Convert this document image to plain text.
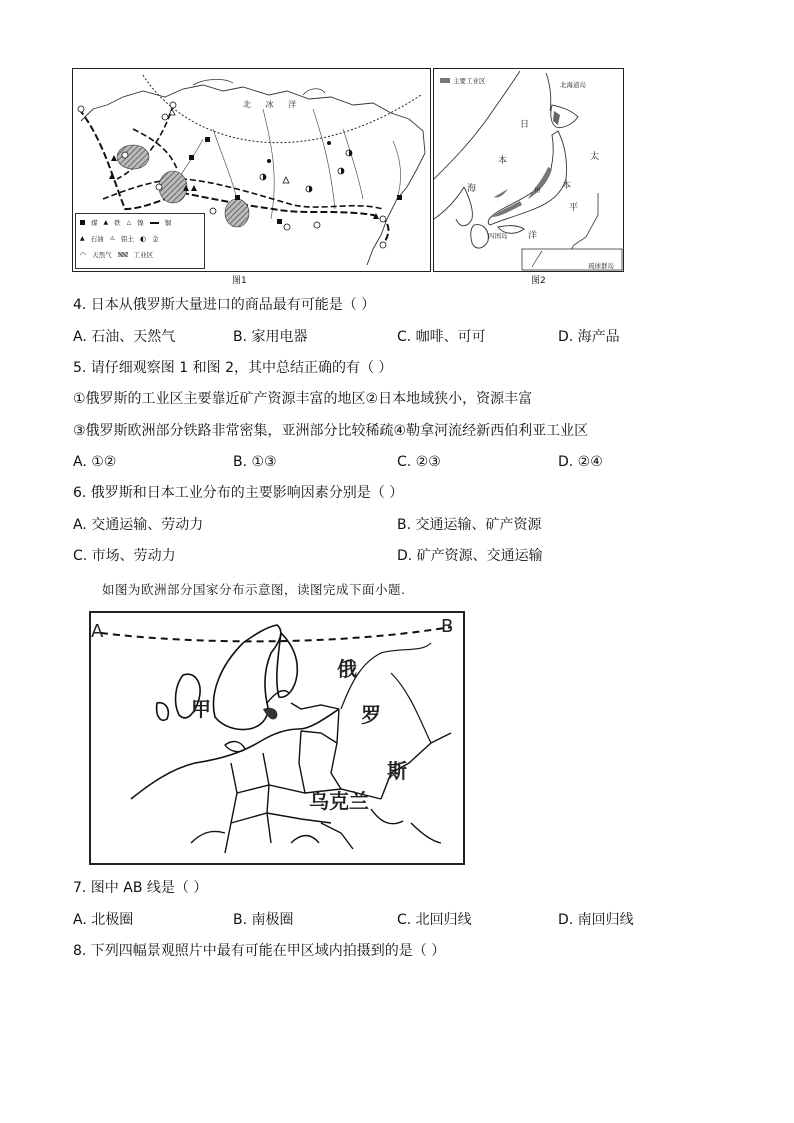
北 冰 洋
煤 ▲ 铁 △ 镍	铜
▲ 石油 ⚠ 铝土 ◐ 金
◠ 天然气	工业区
图1
主要工业区	北海道岛
日
本
海
太
本
州
平
洋
四国岛
琉球群岛
图2
4. 日本从俄罗斯大量进口的商品最有可能是（ ）
A. 石油、天然气	B. 家用电器	C. 咖啡、可可	D. 海产品
5. 请仔细观察图 1 和图 2，其中总结正确的有（ ）
①俄罗斯的工业区主要靠近矿产资源丰富的地区②日本地域狭小，资源丰富
③俄罗斯欧洲部分铁路非常密集，亚洲部分比较稀疏④勒拿河流经新西伯利亚工业区
A. ①②	B. ①③	C. ②③	D. ②④
6. 俄罗斯和日本工业分布的主要影响因素分别是（ ）
A. 交通运输、劳动力	B. 交通运输、矿产资源
C. 市场、劳动力	D. 矿产资源、交通运输
如图为欧洲部分国家分布示意图，读图完成下面小题.
A	B
甲
俄
罗
斯
乌克兰
7. 图中 AB 线是（ ）
A. 北极圈	B. 南极圈	C. 北回归线	D. 南回归线
8. 下列四幅景观照片中最有可能在甲区域内拍摄到的是（ ）
